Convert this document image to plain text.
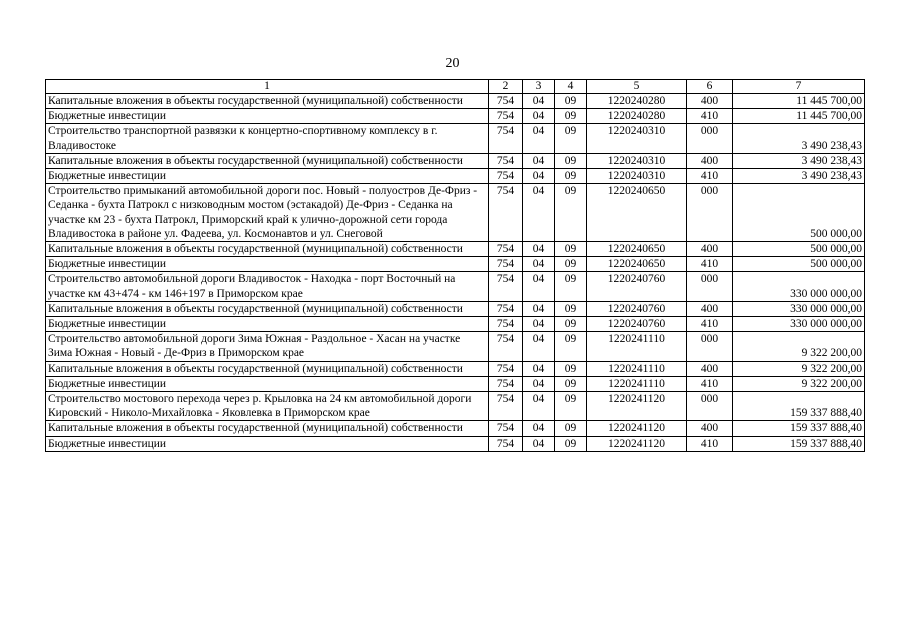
20
1	2	3	4	5	6	7
Капитальные вложения в объекты государственной (муниципальной) собственности	754	04	09	1220240280	400	11 445 700,00
Бюджетные инвестиции	754	04	09	1220240280	410	11 445 700,00
Строительство транспортной развязки к концертно-спортивному комплексу в г. Владивостоке	754	04	09	1220240310	000	3 490 238,43
Капитальные вложения в объекты государственной (муниципальной) собственности	754	04	09	1220240310	400	3 490 238,43
Бюджетные инвестиции	754	04	09	1220240310	410	3 490 238,43
Строительство примыканий автомобильной дороги пос. Новый - полуостров Де-Фриз - Седанка - бухта Патрокл с низководным мостом (эстакадой) Де-Фриз - Седанка на участке км 23 - бухта Патрокл, Приморский край к улично-дорожной сети города Владивостока в районе ул. Фадеева, ул. Космонавтов и ул. Снеговой	754	04	09	1220240650	000	500 000,00
Капитальные вложения в объекты государственной (муниципальной) собственности	754	04	09	1220240650	400	500 000,00
Бюджетные инвестиции	754	04	09	1220240650	410	500 000,00
Строительство автомобильной дороги Владивосток - Находка - порт Восточный на участке км 43+474 - км 146+197 в Приморском крае	754	04	09	1220240760	000	330 000 000,00
Капитальные вложения в объекты государственной (муниципальной) собственности	754	04	09	1220240760	400	330 000 000,00
Бюджетные инвестиции	754	04	09	1220240760	410	330 000 000,00
Строительство автомобильной дороги Зима Южная - Раздольное - Хасан на участке Зима Южная - Новый - Де-Фриз в Приморском крае	754	04	09	1220241110	000	9 322 200,00
Капитальные вложения в объекты государственной (муниципальной) собственности	754	04	09	1220241110	400	9 322 200,00
Бюджетные инвестиции	754	04	09	1220241110	410	9 322 200,00
Строительство мостового перехода через р. Крыловка на 24 км автомобильной дороги Кировский - Николо-Михайловка - Яковлевка в Приморском крае	754	04	09	1220241120	000	159 337 888,40
Капитальные вложения в объекты государственной (муниципальной) собственности	754	04	09	1220241120	400	159 337 888,40
Бюджетные инвестиции	754	04	09	1220241120	410	159 337 888,40
